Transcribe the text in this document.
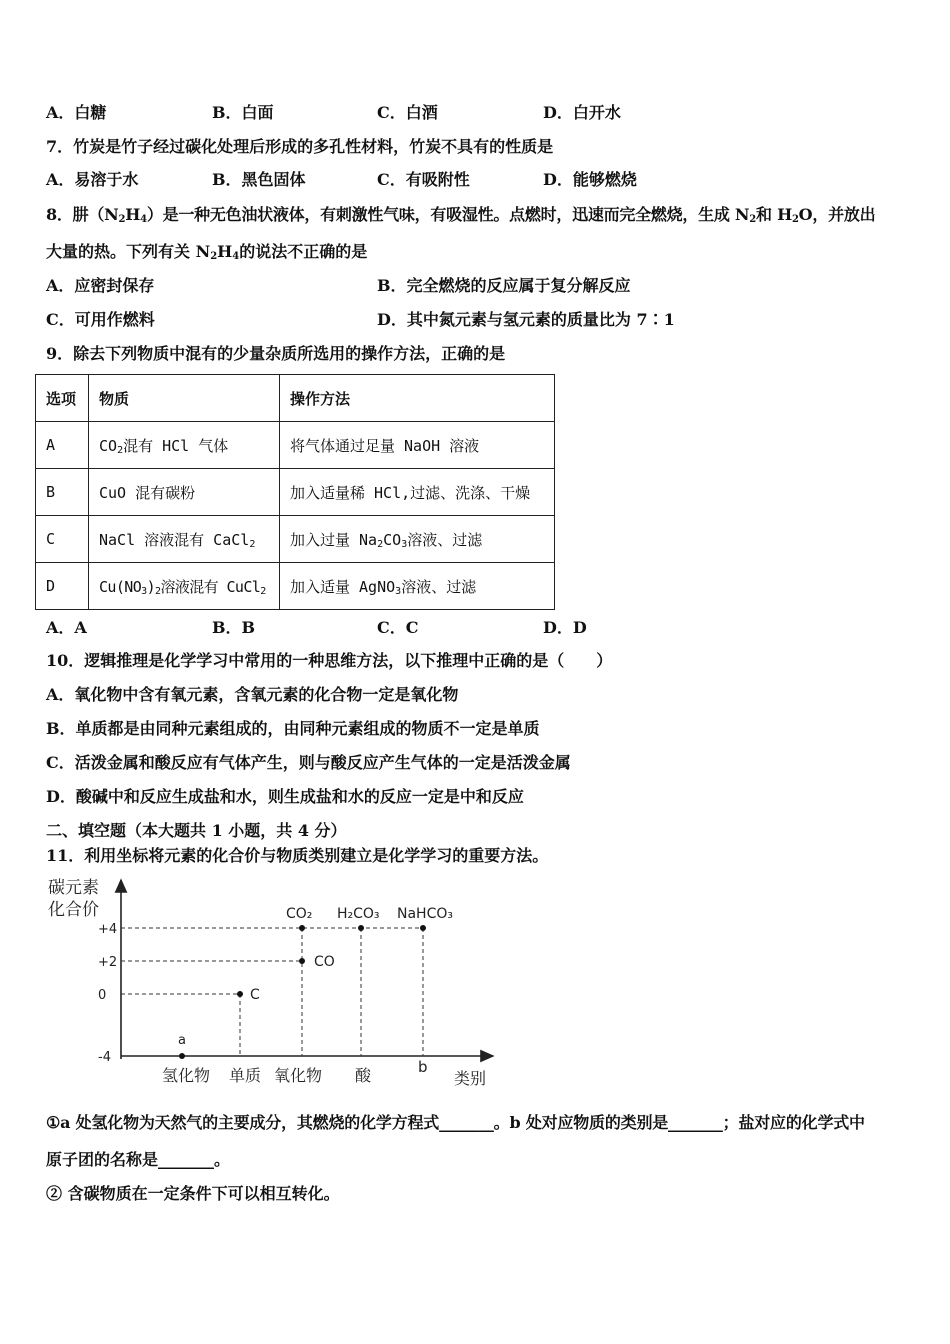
A．白糖	B．白面	C．白酒	D．白开水
7．竹炭是竹子经过碳化处理后形成的多孔性材料，竹炭不具有的性质是
A．易溶于水	B．黑色固体	C．有吸附性	D．能够燃烧
8．肼$(N_2H_4)$是一种无色油状液体，有刺激性气味，有吸湿性。点燃时，迅速而完全燃烧，生成 $N_2$和 $H_2O$，并放出
大量的热。下列有关 $N_2H_4$的说法不正确的是
A．应密封保存	B．完全燃烧的反应属于复分解反应
C．可用作燃料	D．其中氮元素与氢元素的质量比为 7∶1
9．除去下列物质中混有的少量杂质所选用的操作方法，正确的是
选项	物质	操作方法
A	$CO_2$混有 HCl 气体	将气体通过足量 NaOH 溶液
B	CuO 混有碳粉	加入适量稀 HCl,过滤、洗涤、干燥
C	NaCl 溶液混有 CaCl$_2$	加入过量 $Na_2CO_3$溶液、过滤
D	$Cu(NO_3)_2$溶液混有 CuCl$_2$	加入适量 AgNO$_3$溶液、过滤
A．A	B．B	C．C	D．D
10．逻辑推理是化学学习中常用的一种思维方法，以下推理中正确的是（　　）
A．氧化物中含有氧元素，含氧元素的化合物一定是氧化物
B．单质都是由同种元素组成的，由同种元素组成的物质不一定是单质
C．活泼金属和酸反应有气体产生，则与酸反应产生气体的一定是活泼金属
D．酸碱中和反应生成盐和水，则生成盐和水的反应一定是中和反应
二、填空题（本大题共 1 小题，共 4 分）
11．利用坐标将元素的化合价与物质类别建立是化学学习的重要方法。
碳元素
化合价
类别
+4
+2
0
-4
氢化物 单质 氧化物 酸	b
a
C
CO
CO₂ H₂CO₃ NaHCO₃
①a 处氢化物为天然气的主要成分，其燃烧的化学方程式_______。b 处对应物质的类别是_______；盐对应的化学式中
原子团的名称是_______。
② 含碳物质在一定条件下可以相互转化。
